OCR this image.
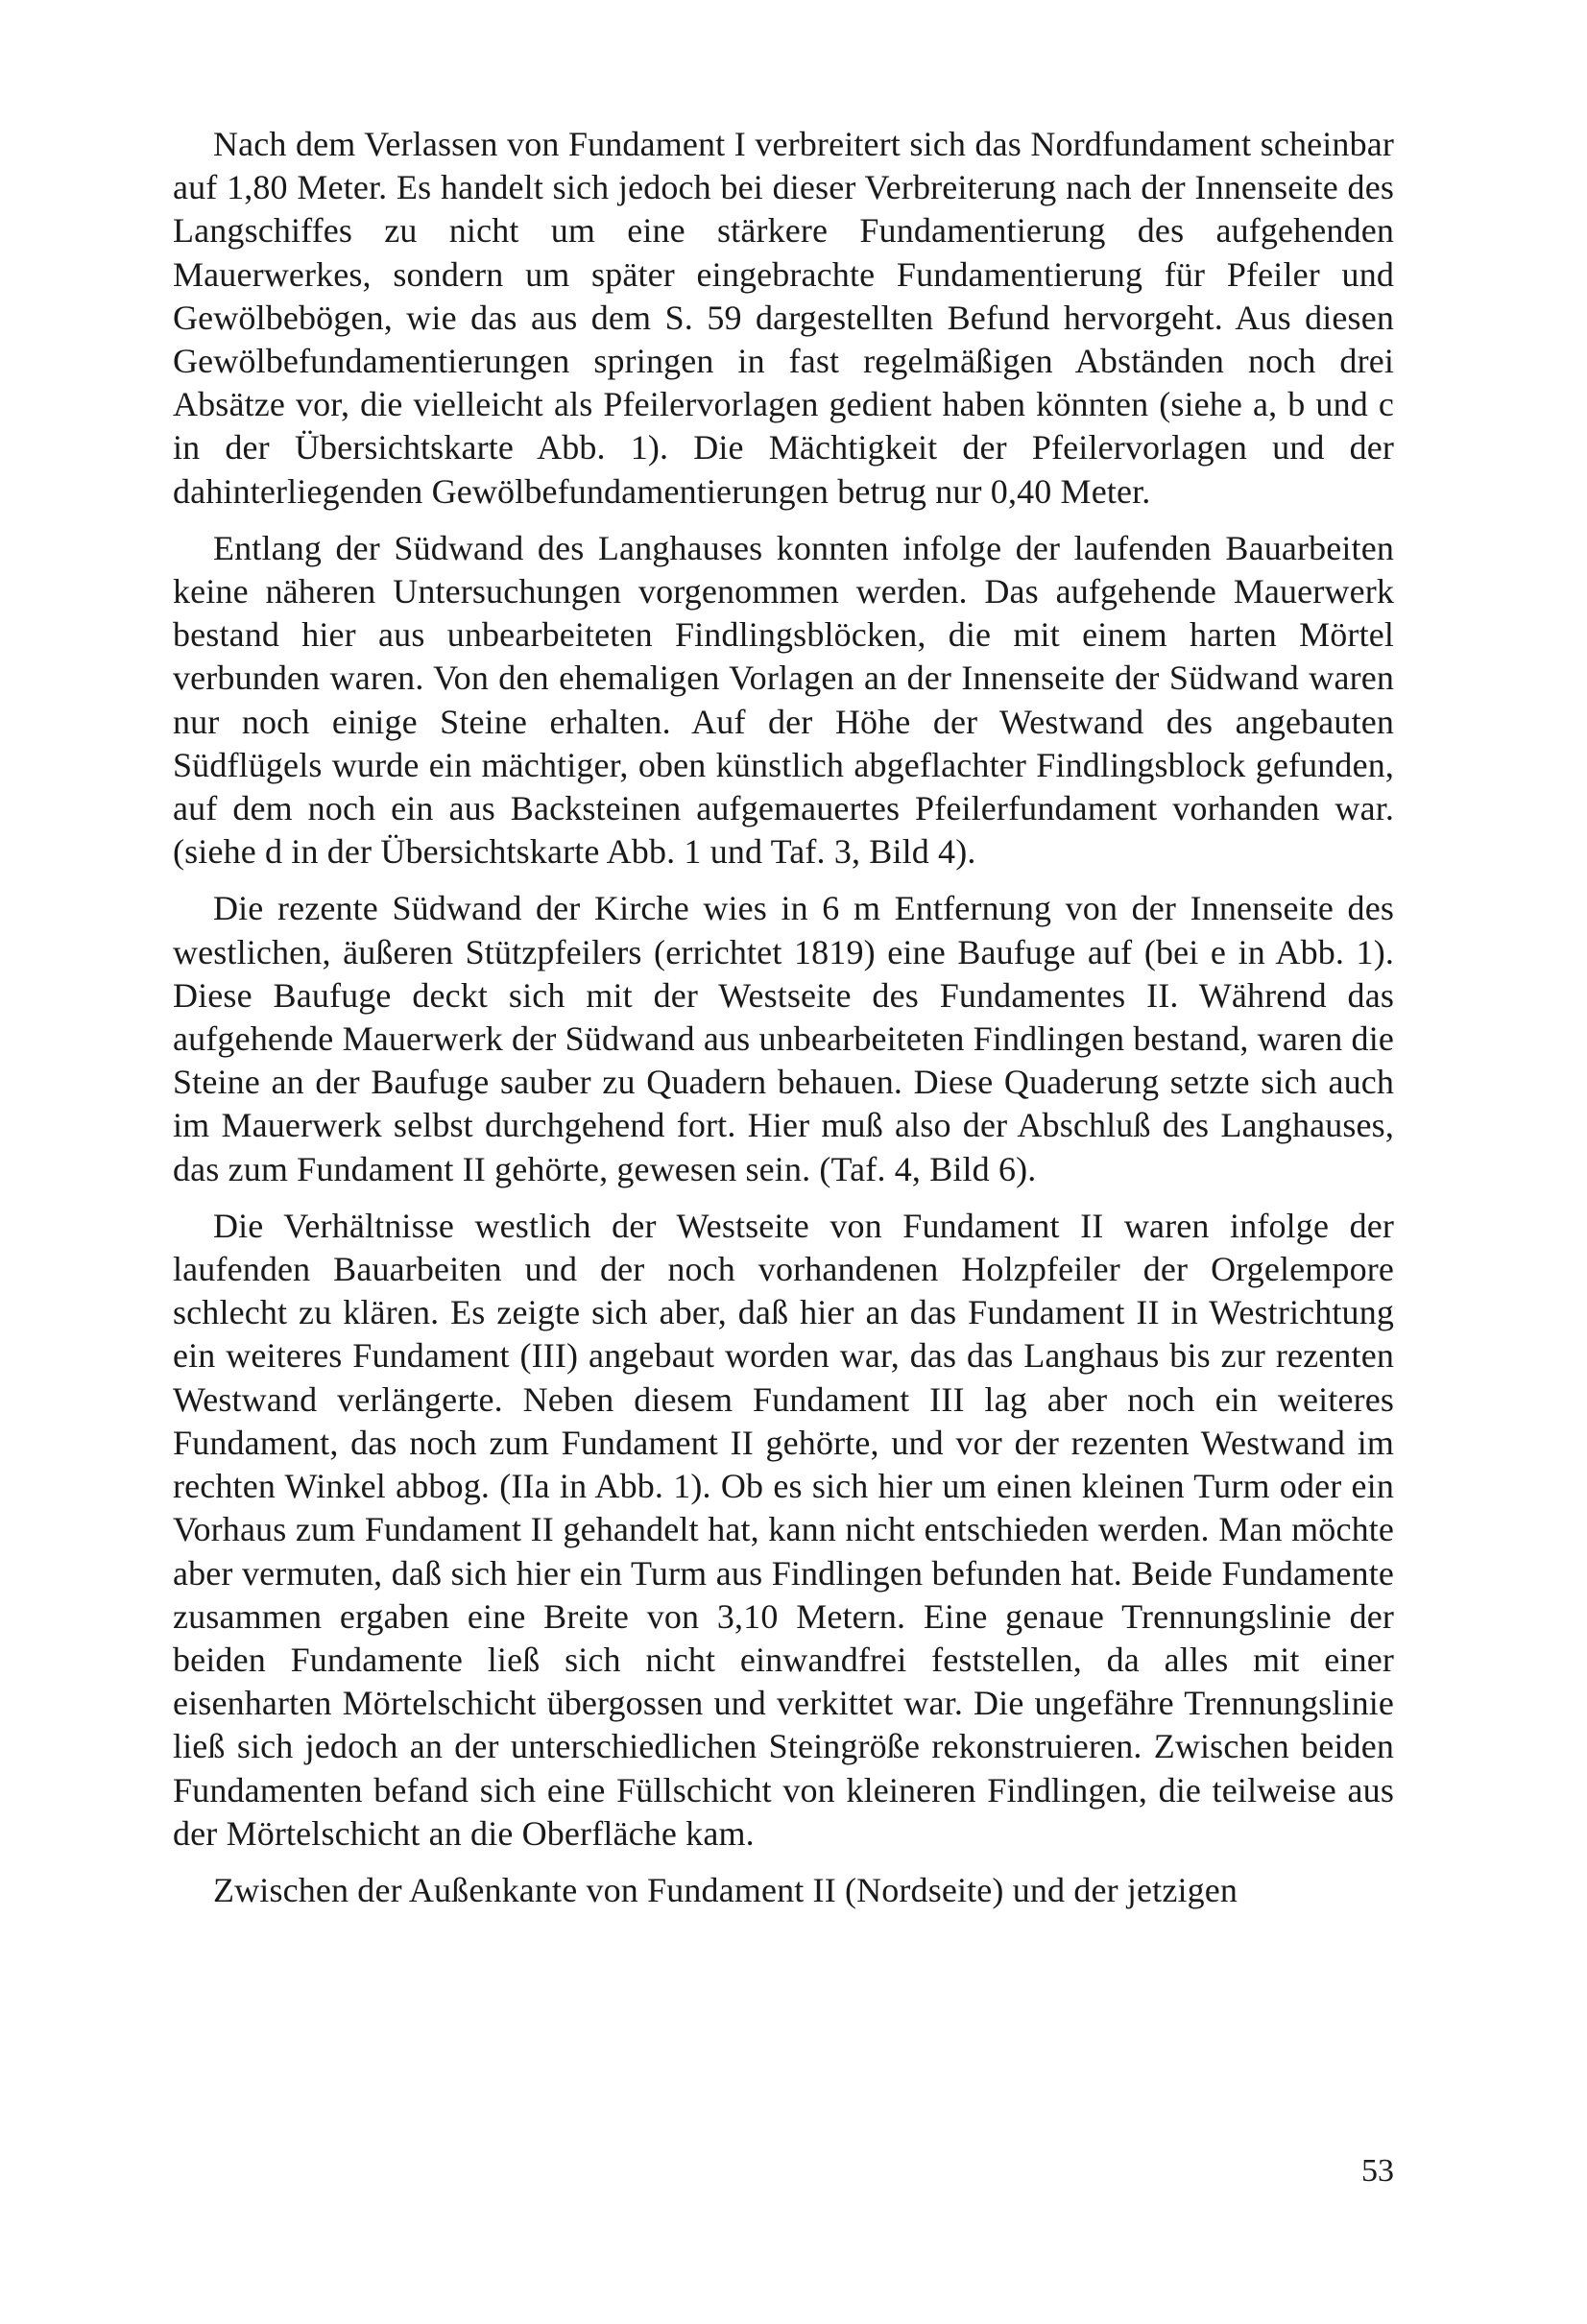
Nach dem Verlassen von Fundament I verbreitert sich das Nordfundament scheinbar auf 1,80 Meter. Es handelt sich jedoch bei dieser Verbreiterung nach der Innenseite des Langschiffes zu nicht um eine stärkere Fundamentierung des aufgehenden Mauerwerkes, sondern um später eingebrachte Fundamentierung für Pfeiler und Gewölbebögen, wie das aus dem S. 59 dargestellten Befund hervorgeht. Aus diesen Gewölbefundamentierungen springen in fast regelmäßigen Abständen noch drei Absätze vor, die vielleicht als Pfeilervorlagen gedient haben könnten (siehe a, b und c in der Übersichtskarte Abb. 1). Die Mächtigkeit der Pfeilervorlagen und der dahinterliegenden Gewölbefundamentierungen betrug nur 0,40 Meter.

Entlang der Südwand des Langhauses konnten infolge der laufenden Bauarbeiten keine näheren Untersuchungen vorgenommen werden. Das aufgehende Mauerwerk bestand hier aus unbearbeiteten Findlingsblöcken, die mit einem harten Mörtel verbunden waren. Von den ehemaligen Vorlagen an der Innenseite der Südwand waren nur noch einige Steine erhalten. Auf der Höhe der Westwand des angebauten Südflügels wurde ein mächtiger, oben künstlich abgeflachter Findlingsblock gefunden, auf dem noch ein aus Backsteinen aufgemauertes Pfeilerfundament vorhanden war. (siehe d in der Übersichtskarte Abb. 1 und Taf. 3, Bild 4).

Die rezente Südwand der Kirche wies in 6 m Entfernung von der Innenseite des westlichen, äußeren Stützpfeilers (errichtet 1819) eine Baufuge auf (bei e in Abb. 1). Diese Baufuge deckt sich mit der Westseite des Fundamentes II. Während das aufgehende Mauerwerk der Südwand aus unbearbeiteten Findlingen bestand, waren die Steine an der Baufuge sauber zu Quadern behauen. Diese Quaderung setzte sich auch im Mauerwerk selbst durchgehend fort. Hier muß also der Abschluß des Langhauses, das zum Fundament II gehörte, gewesen sein. (Taf. 4, Bild 6).

Die Verhältnisse westlich der Westseite von Fundament II waren infolge der laufenden Bauarbeiten und der noch vorhandenen Holzpfeiler der Orgelempore schlecht zu klären. Es zeigte sich aber, daß hier an das Fundament II in Westrichtung ein weiteres Fundament (III) angebaut worden war, das das Langhaus bis zur rezenten Westwand verlängerte. Neben diesem Fundament III lag aber noch ein weiteres Fundament, das noch zum Fundament II gehörte, und vor der rezenten Westwand im rechten Winkel abbog. (IIa in Abb. 1). Ob es sich hier um einen kleinen Turm oder ein Vorhaus zum Fundament II gehandelt hat, kann nicht entschieden werden. Man möchte aber vermuten, daß sich hier ein Turm aus Findlingen befunden hat. Beide Fundamente zusammen ergaben eine Breite von 3,10 Metern. Eine genaue Trennungslinie der beiden Fundamente ließ sich nicht einwandfrei feststellen, da alles mit einer eisenharten Mörtelschicht übergossen und verkittet war. Die ungefähre Trennungslinie ließ sich jedoch an der unterschiedlichen Steingröße rekonstruieren. Zwischen beiden Fundamenten befand sich eine Füllschicht von kleineren Findlingen, die teilweise aus der Mörtelschicht an die Oberfläche kam.

Zwischen der Außenkante von Fundament II (Nordseite) und der jetzigen

53
